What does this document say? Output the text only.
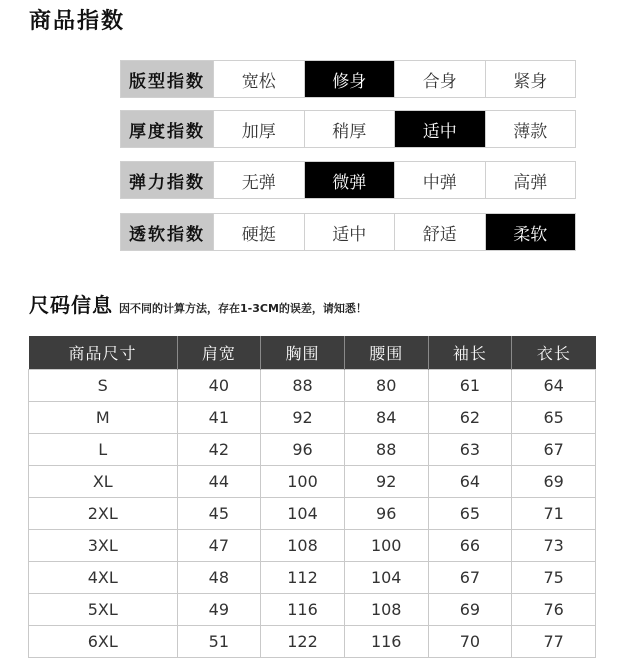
商品指数
版型指数	宽松	修身	合身	紧身
厚度指数	加厚	稍厚	适中	薄款
弹力指数	无弹	微弹	中弹	高弹
透软指数	硬挺	适中	舒适	柔软
尺码信息 因不同的计算方法，存在1-3CM的误差，请知悉！
商品尺寸	肩宽	胸围	腰围	袖长	衣长
S	40	88	80	61	64
M	41	92	84	62	65
L	42	96	88	63	67
XL	44	100	92	64	69
2XL	45	104	96	65	71
3XL	47	108	100	66	73
4XL	48	112	104	67	75
5XL	49	116	108	69	76
6XL	51	122	116	70	77
